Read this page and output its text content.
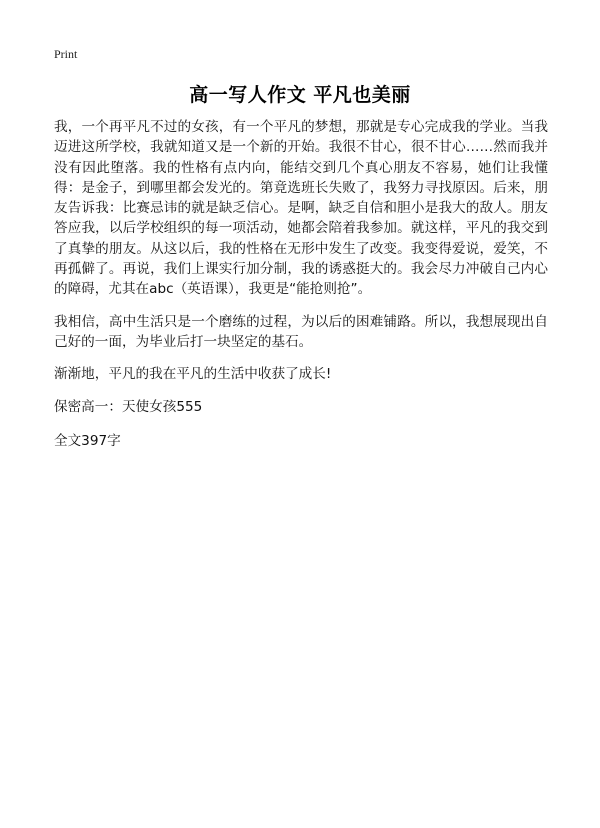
Print
高一写人作文 平凡也美丽

我，一个再平凡不过的女孩，有一个平凡的梦想，那就是专心完成我的学业。当我迈进这所学校，我就知道又是一个新的开始。我很不甘心，很不甘心……然而我并没有因此堕落。我的性格有点内向，能结交到几个真心朋友不容易，她们让我懂得：是金子，到哪里都会发光的。第竟选班长失败了，我努力寻找原因。后来，朋友告诉我：比赛忌讳的就是缺乏信心。是啊，缺乏自信和胆小是我大的敌人。朋友答应我，以后学校组织的每一项活动，她都会陪着我参加。就这样，平凡的我交到了真挚的朋友。从这以后，我的性格在无形中发生了改变。我变得爱说，爱笑，不再孤僻了。再说，我们上课实行加分制，我的诱惑挺大的。我会尽力冲破自己内心的障碍，尤其在abc（英语课），我更是“能抢则抢”。

我相信，高中生活只是一个磨练的过程，为以后的困难铺路。所以，我想展现出自己好的一面，为毕业后打一块坚定的基石。

渐渐地，平凡的我在平凡的生活中收获了成长!

保密高一：天使女孩555

全文397字
